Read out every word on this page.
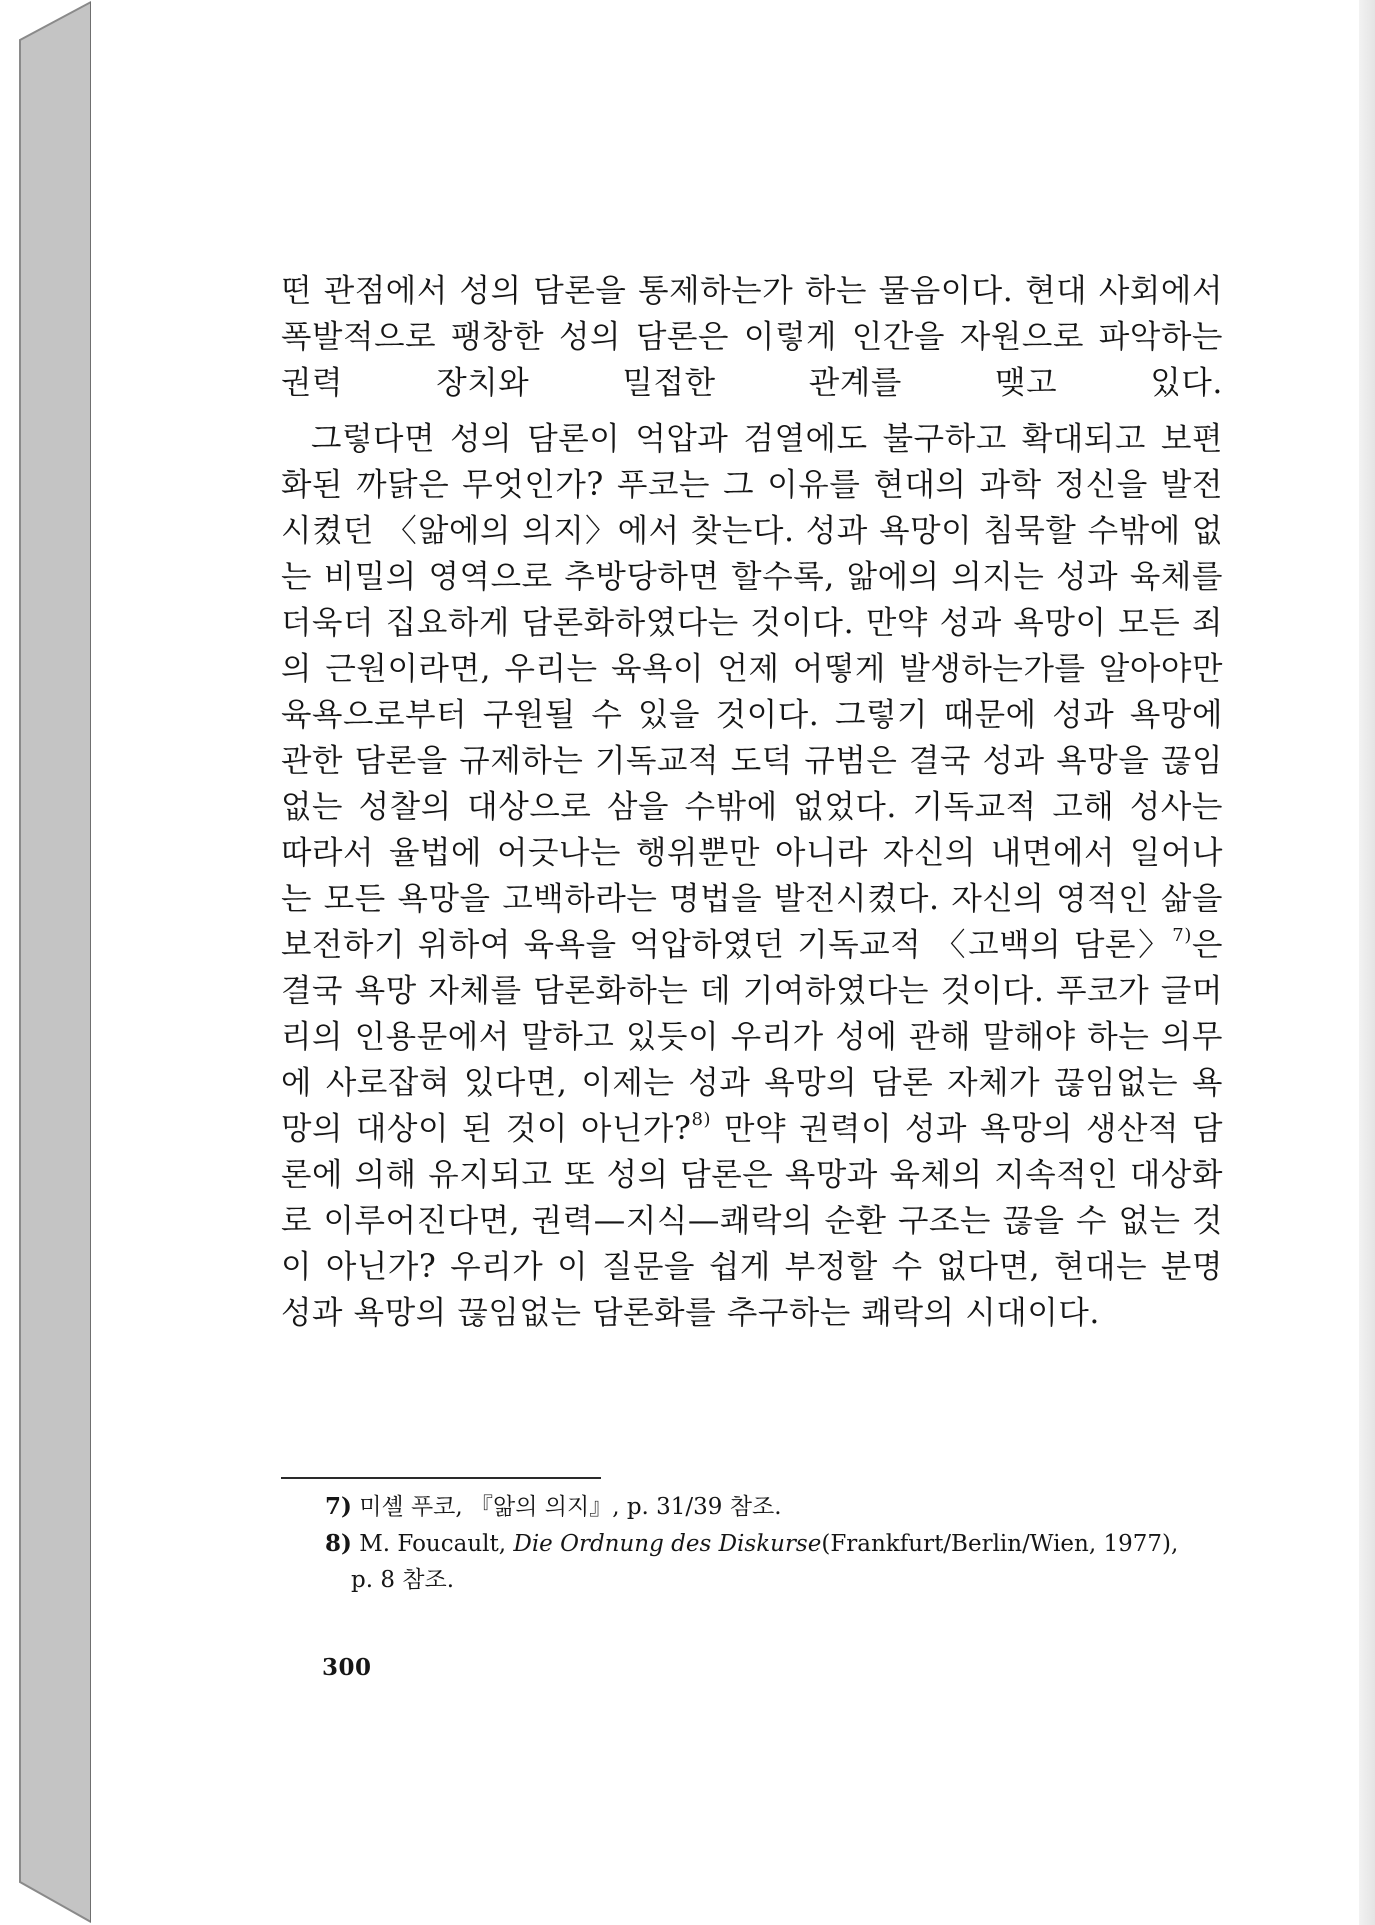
떤 관점에서 성의 담론을 통제하는가 하는 물음이다. 현대 사회에서 폭발적으로 팽창한 성의 담론은 이렇게 인간을 자원으로 파악하는 권력 장치와 밀접한 관계를 맺고 있다.

그렇다면 성의 담론이 억압과 검열에도 불구하고 확대되고 보편화된 까닭은 무엇인가? 푸코는 그 이유를 현대의 과학 정신을 발전시켰던 〈앎에의 의지〉에서 찾는다. 성과 욕망이 침묵할 수밖에 없는 비밀의 영역으로 추방당하면 할수록, 앎에의 의지는 성과 육체를 더욱더 집요하게 담론화하였다는 것이다. 만약 성과 욕망이 모든 죄의 근원이라면, 우리는 육욕이 언제 어떻게 발생하는가를 알아야만 육욕으로부터 구원될 수 있을 것이다. 그렇기 때문에 성과 욕망에 관한 담론을 규제하는 기독교적 도덕 규범은 결국 성과 욕망을 끊임없는 성찰의 대상으로 삼을 수밖에 없었다. 기독교적 고해 성사는 따라서 율법에 어긋나는 행위뿐만 아니라 자신의 내면에서 일어나는 모든 욕망을 고백하라는 명법을 발전시켰다. 자신의 영적인 삶을 보전하기 위하여 육욕을 억압하였던 기독교적 〈고백의 담론〉$^{7)}$은 결국 욕망 자체를 담론화하는 데 기여하였다는 것이다. 푸코가 글머리의 인용문에서 말하고 있듯이 우리가 성에 관해 말해야 하는 의무에 사로잡혀 있다면, 이제는 성과 욕망의 담론 자체가 끊임없는 욕망의 대상이 된 것이 아닌가?$^{8)}$ 만약 권력이 성과 욕망의 생산적 담론에 의해 유지되고 또 성의 담론은 욕망과 육체의 지속적인 대상화로 이루어진다면, 권력—지식—쾌락의 순환 구조는 끊을 수 없는 것이 아닌가? 우리가 이 질문을 쉽게 부정할 수 없다면, 현대는 분명 성과 욕망의 끊임없는 담론화를 추구하는 쾌락의 시대이다.

7) 미셸 푸코, 『앎의 의지』, p. 31/39 참조.

8) M. Foucault, Die Ordnung des Diskurse(Frankfurt/Berlin/Wien, 1977),
p. 8 참조.

300
